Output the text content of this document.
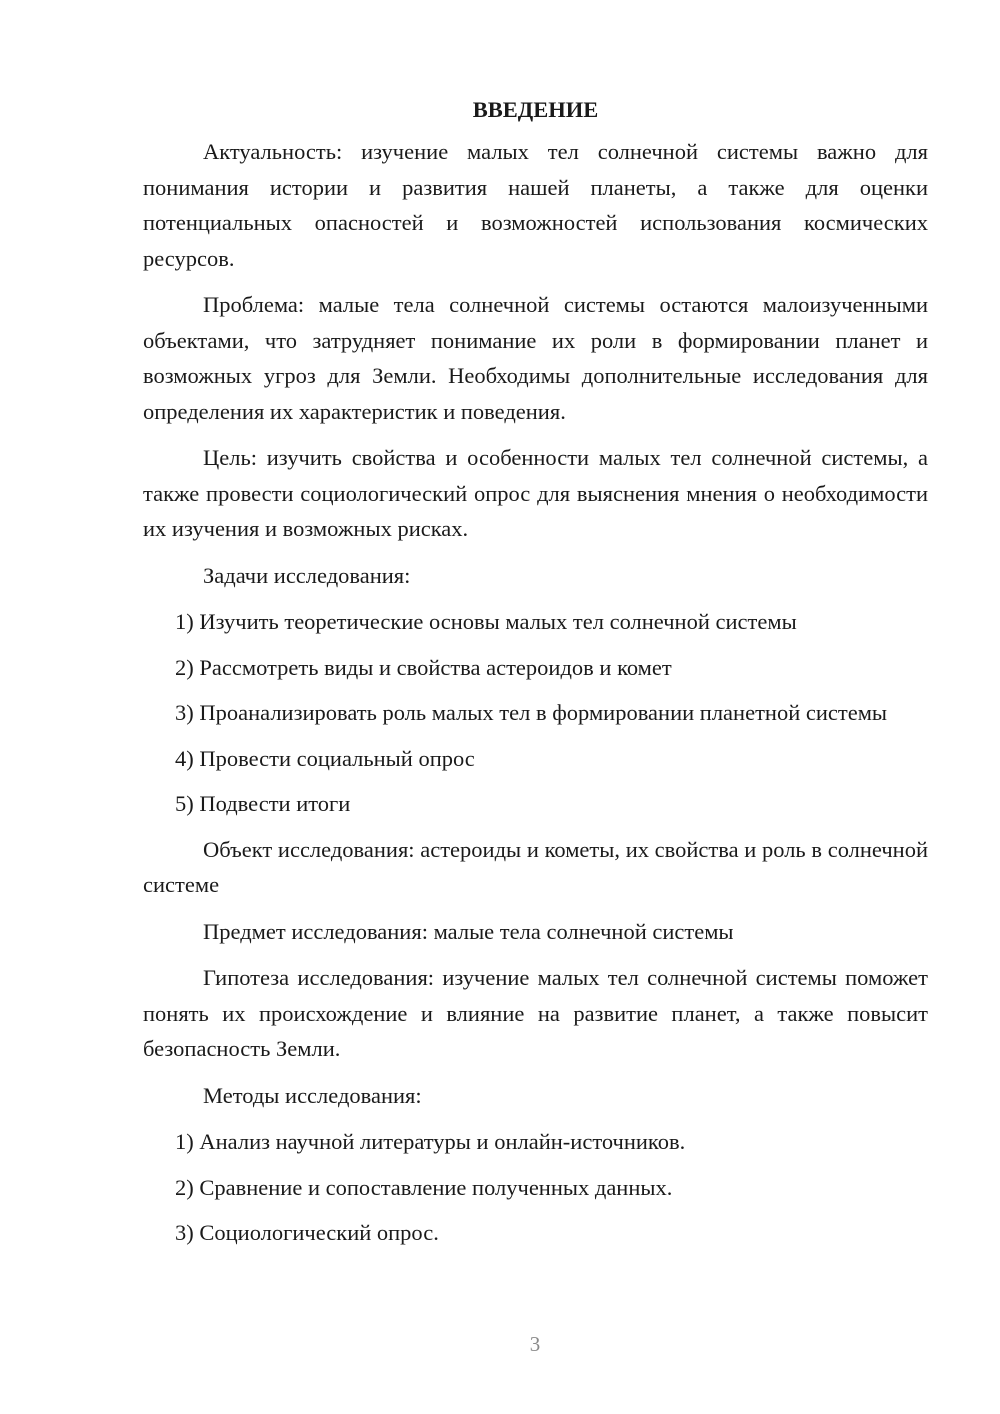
ВВЕДЕНИЕ
Актуальность: изучение малых тел солнечной системы важно для понимания истории и развития нашей планеты, а также для оценки потенциальных опасностей и возможностей использования космических ресурсов.
Проблема: малые тела солнечной системы остаются малоизученными объектами, что затрудняет понимание их роли в формировании планет и возможных угроз для Земли. Необходимы дополнительные исследования для определения их характеристик и поведения.
Цель: изучить свойства и особенности малых тел солнечной системы, а также провести социологический опрос для выяснения мнения о необходимости их изучения и возможных рисках.
Задачи исследования:
1) Изучить теоретические основы малых тел солнечной системы
2) Рассмотреть виды и свойства астероидов и комет
3) Проанализировать роль малых тел в формировании планетной системы
4) Провести социальный опрос
5) Подвести итоги
Объект исследования: астероиды и кометы, их свойства и роль в солнечной системе
Предмет исследования: малые тела солнечной системы
Гипотеза исследования: изучение малых тел солнечной системы поможет понять их происхождение и влияние на развитие планет, а также повысит безопасность Земли.
Методы исследования:
1) Анализ научной литературы и онлайн-источников.
2) Сравнение и сопоставление полученных данных.
3) Социологический опрос.
3
